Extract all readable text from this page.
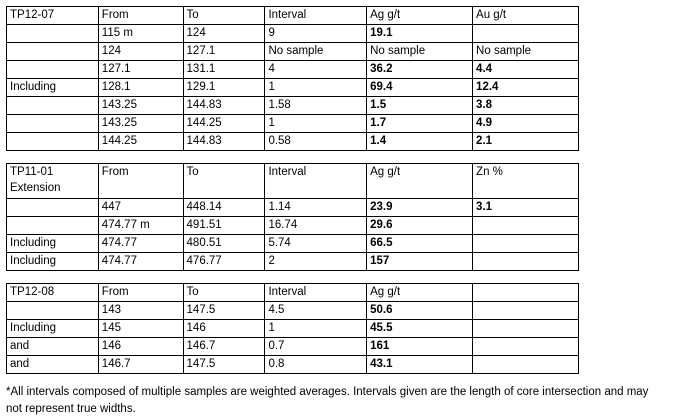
TP12-07	From	To	Interval	Ag g/t	Au g/t
	115 m	124	9	19.1	
	124	127.1	No sample	No sample	No sample
	127.1	131.1	4	36.2	4.4
Including	128.1	129.1	1	69.4	12.4
	143.25	144.83	1.58	1.5	3.8
	143.25	144.25	1	1.7	4.9
	144.25	144.83	0.58	1.4	2.1
TP11-01 Extension	From	To	Interval	Ag g/t	Zn %
	447	448.14	1.14	23.9	3.1
	474.77 m	491.51	16.74	29.6	
Including	474.77	480.51	5.74	66.5	
Including	474.77	476.77	2	157	
TP12-08	From	To	Interval	Ag g/t	
	143	147.5	4.5	50.6	
Including	145	146	1	45.5	
and	146	146.7	0.7	161	
and	146.7	147.5	0.8	43.1	
*All intervals composed of multiple samples are weighted averages. Intervals given are the length of core intersection and may not represent true widths.
